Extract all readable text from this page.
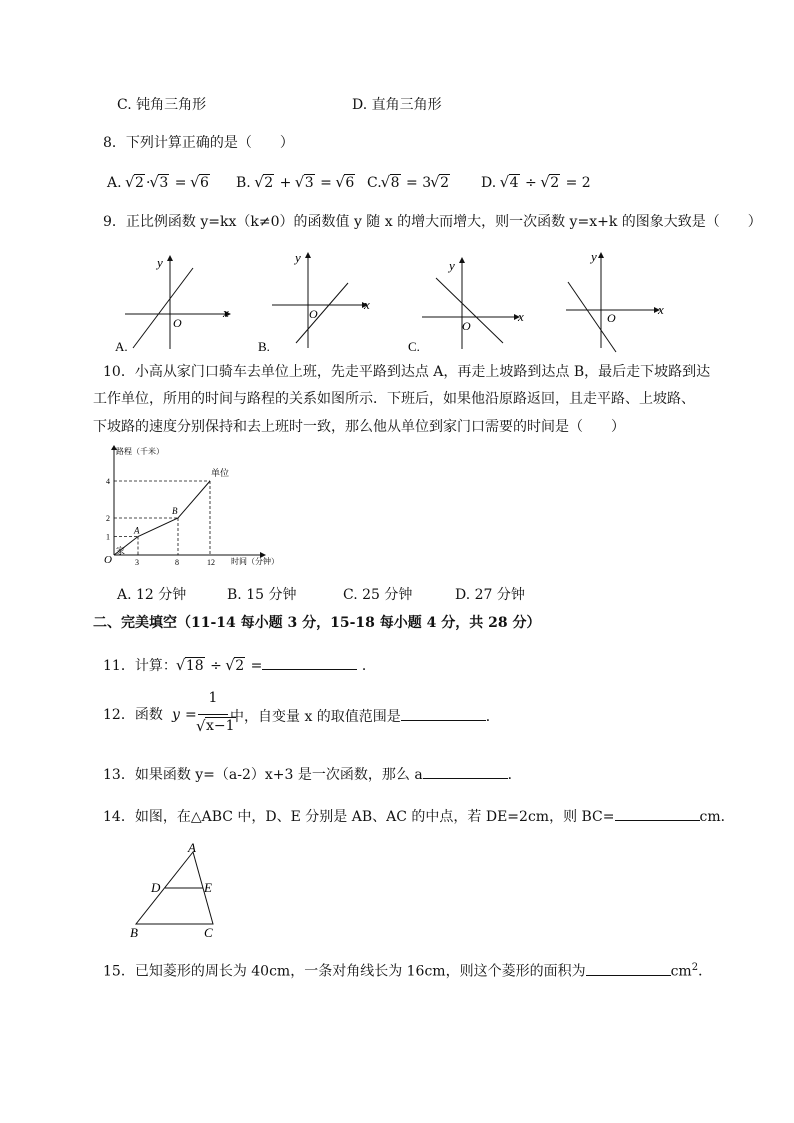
C. 钝角三角形	D. 直角三角形
8．下列计算正确的是（　　）
A. √ 2 · √ 3 = √ 6 B. √ 2 + √ 3 = √ 6 C. √ 8 = 3 √ 2 D. √ 4 ÷ √ 2 = 2
9．正比例函数 y=kx（k≠0）的函数值 y 随 x 的增大而增大，则一次函数 y=x+k 的图象大致是（　　）
x
y
O
A.
x
y
O
B.
x
y
O
C.
x
y
O
10．小高从家门口骑车去单位上班，先走平路到达点 A，再走上坡路到达点 B，最后走下坡路到达
工作单位，所用的时间与路程的关系如图所示．下班后，如果他沿原路返回，且走平路、上坡路、
下坡路的速度分别保持和去上班时一致，那么他从单位到家门口需要的时间是（　　）
路程（千米）
时间（分钟）
O	3	8	12
1
2
4
家
A
B
单位
A. 12 分钟	B. 15 分钟	C. 25 分钟	D. 27 分钟
二、完美填空（11-14 每小题 3 分，15-18 每小题 4 分，共 28 分）
11．计算： √ 18 ÷ √ 2 =	．
12．函数 y =
1
√ x−1
中，自变量 x 的取值范围是	．
13．如果函数 y=（a-2）x+3 是一次函数，那么 a	．
14．如图，在△ABC 中，D、E 分别是 AB、AC 的中点，若 DE=2cm，则 BC=	cm．
A
B	C
D	E
15．已知菱形的周长为 40cm，一条对角线长为 16cm，则这个菱形的面积为	$cm^2$．
